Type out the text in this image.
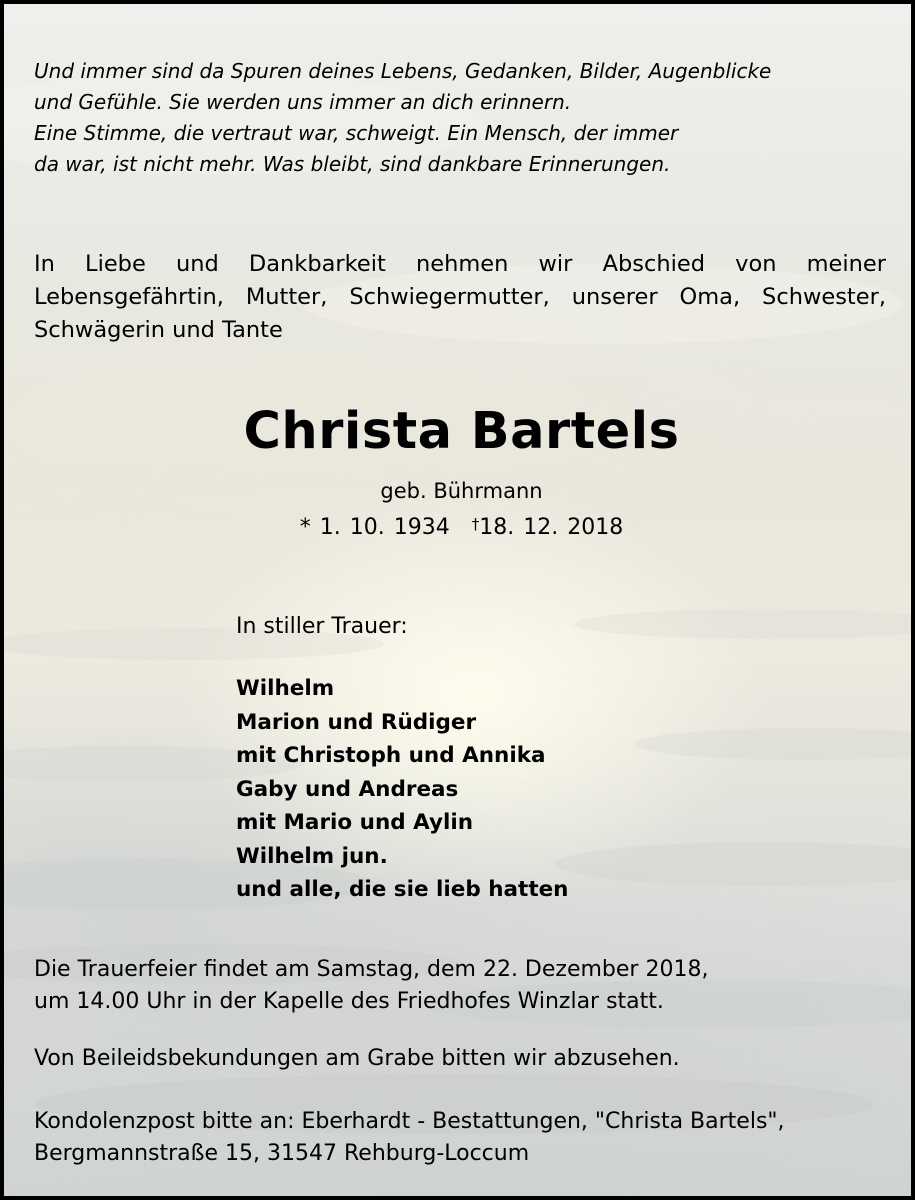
Und immer sind da Spuren deines Lebens, Gedanken, Bilder, Augenblicke
und Gefühle. Sie werden uns immer an dich erinnern.
Eine Stimme, die vertraut war, schweigt. Ein Mensch, der immer
da war, ist nicht mehr. Was bleibt, sind dankbare Erinnerungen.
In Liebe und Dankbarkeit nehmen wir Abschied von meiner
Lebensgefährtin, Mutter, Schwiegermutter, unserer Oma, Schwester,
Schwägerin und Tante
Christa Bartels
geb. Bührmann
* 1. 10. 1934 †18. 12. 2018
In stiller Trauer:
Wilhelm
Marion und Rüdiger
mit Christoph und Annika
Gaby und Andreas
mit Mario und Aylin
Wilhelm jun.
und alle, die sie lieb hatten
Die Trauerfeier findet am Samstag, dem 22. Dezember 2018,
um 14.00 Uhr in der Kapelle des Friedhofes Winzlar statt.
Von Beileidsbekundungen am Grabe bitten wir abzusehen.
Kondolenzpost bitte an: Eberhardt - Bestattungen, "Christa Bartels",
Bergmannstraße 15, 31547 Rehburg-Loccum
